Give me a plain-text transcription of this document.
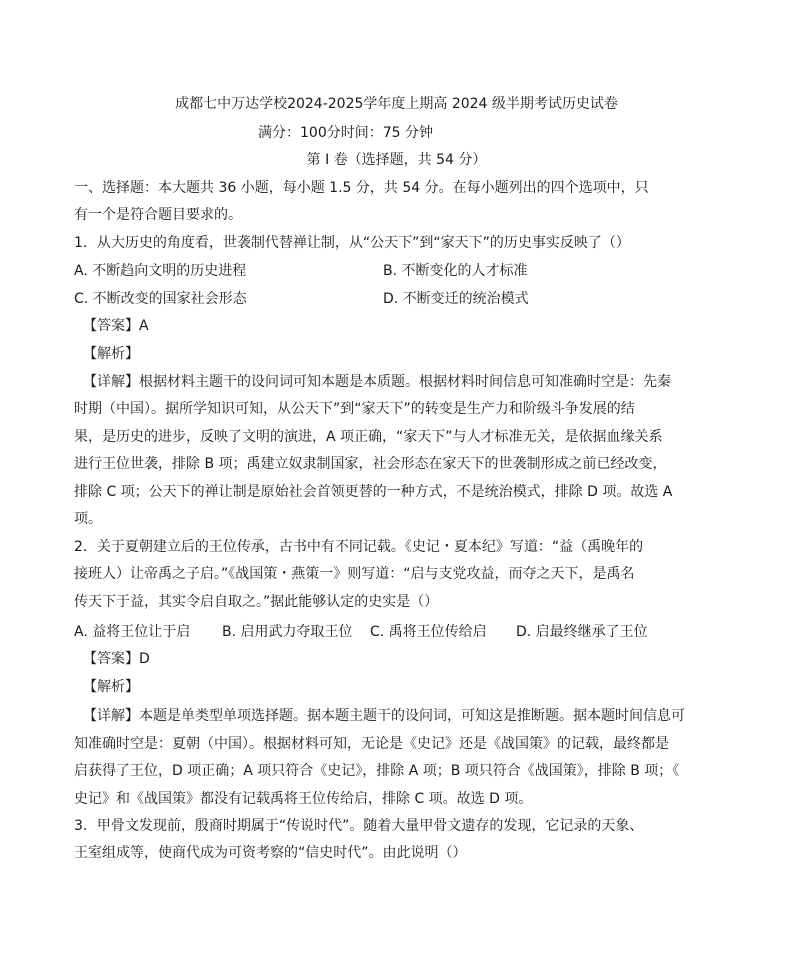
成都七中万达学校2024-2025学年度上期高 2024 级半期考试历史试卷
满分：100分时间：75 分钟
第 I 卷（选择题，共 54 分）
一、选择题：本大题共 36 小题，每小题 1.5 分，共 54 分。在每小题列出的四个选项中，只
有一个是符合题目要求的。
1．从大历史的角度看，世袭制代替禅让制，从“公天下”到“家天下”的历史事实反映了（）
A. 不断趋向文明的历史进程	B. 不断变化的人才标准
C. 不断改变的国家社会形态	D. 不断变迁的统治模式
【答案】A
【解析】
【详解】根据材料主题干的设问词可知本题是本质题。根据材料时间信息可知准确时空是：先秦
时期（中国）。据所学知识可知，从公天下”到“家天下”的转变是生产力和阶级斗争发展的结
果，是历史的进步，反映了文明的演进，A 项正确，“家天下”与人才标准无关，是依据血缘关系
进行王位世袭，排除 B 项；禹建立奴隶制国家，社会形态在家天下的世袭制形成之前已经改变，
排除 C 项；公天下的禅让制是原始社会首领更替的一种方式，不是统治模式，排除 D 项。故选 A
项。
2．关于夏朝建立后的王位传承，古书中有不同记载。《史记・夏本纪》写道：“益（禹晚年的
接班人）让帝禹之子启。”《战国策・燕策一》则写道：“启与支党攻益，而夺之天下，是禹名
传天下于益，其实令启自取之。”据此能够认定的史实是（）
A. 益将王位让于启 B. 启用武力夺取王位 C. 禹将王位传给启 D. 启最终继承了王位
【答案】D
【解析】
【详解】本题是单类型单项选择题。据本题主题干的设问词，可知这是推断题。据本题时间信息可
知准确时空是：夏朝（中国）。根据材料可知，无论是《史记》还是《战国策》的记载，最终都是
启获得了王位，D 项正确；A 项只符合《史记》，排除 A 项；B 项只符合《战国策》，排除 B 项；《
史记》和《战国策》都没有记载禹将王位传给启，排除 C 项。故选 D 项。
3．甲骨文发现前，殷商时期属于“传说时代”。随着大量甲骨文遗存的发现，它记录的天象、
王室组成等，使商代成为可资考察的“信史时代”。由此说明（）
